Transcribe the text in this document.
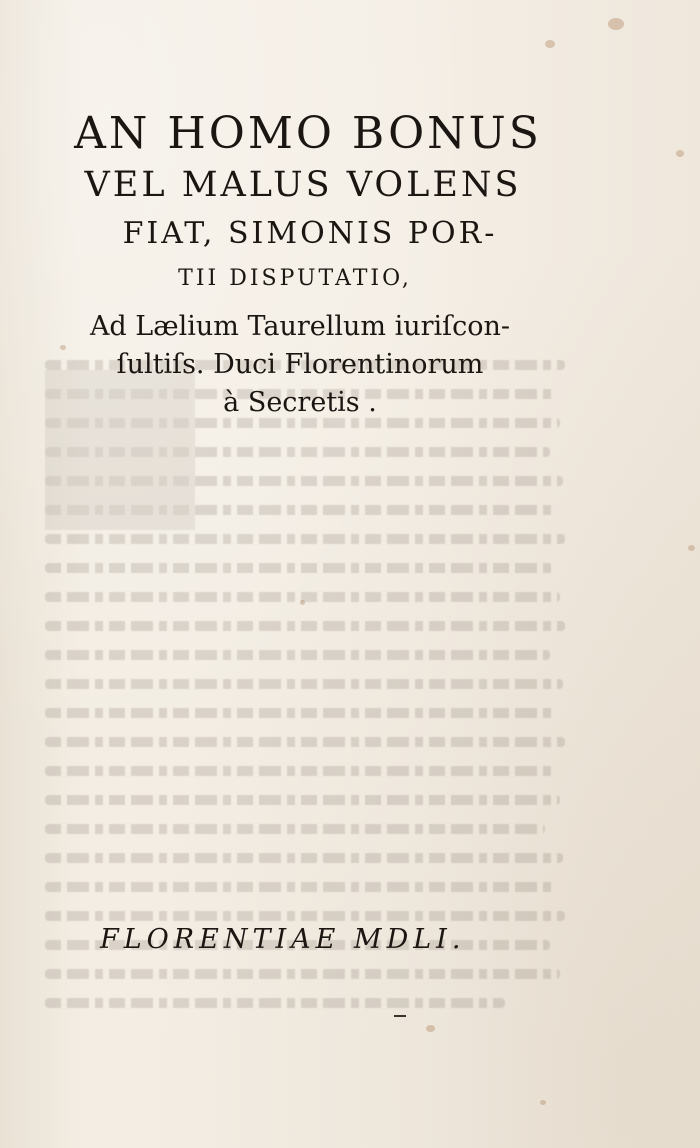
AN HOMO BONUS
VEL MALUS VOLENS
FIAT, SIMONIS POR-
TII DISPUTATIO,
Ad Lælium Taurellum iuriſcon-
ſultiſs. Duci Florentinorum
à Secretis .
FLORENTIAE MDLI.
